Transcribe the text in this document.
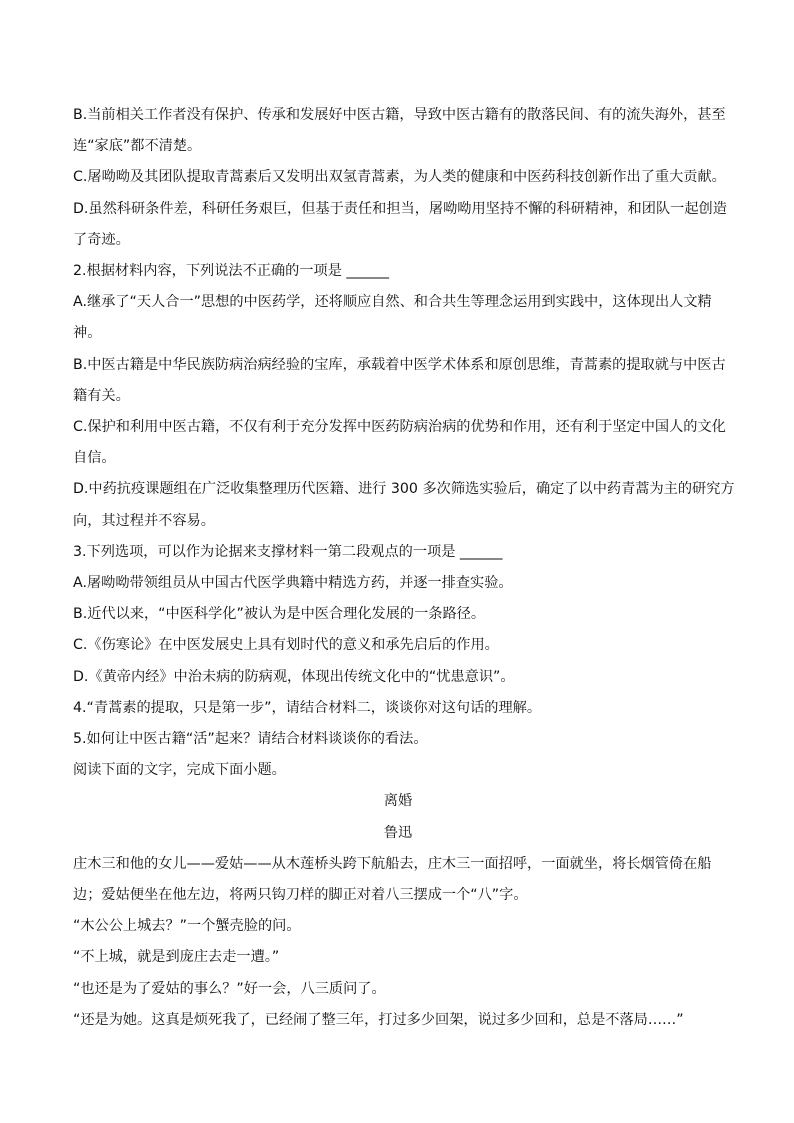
B.当前相关工作者没有保护、传承和发展好中医古籍，导致中医古籍有的散落民间、有的流失海外，甚至

连“家底”都不清楚。

C.屠呦呦及其团队提取青蒿素后又发明出双氢青蒿素，为人类的健康和中医药科技创新作出了重大贡献。

D.虽然科研条件差，科研任务艰巨，但基于责任和担当，屠呦呦用坚持不懈的科研精神，和团队一起创造

了奇迹。

2.根据材料内容，下列说法不正确的一项是 ______

A.继承了“天人合一”思想的中医药学，还将顺应自然、和合共生等理念运用到实践中，这体现出人文精

神。

B.中医古籍是中华民族防病治病经验的宝库，承载着中医学术体系和原创思维，青蒿素的提取就与中医古

籍有关。

C.保护和利用中医古籍，不仅有利于充分发挥中医药防病治病的优势和作用，还有利于坚定中国人的文化

自信。

D.中药抗疫课题组在广泛收集整理历代医籍、进行 300 多次筛选实验后，确定了以中药青蒿为主的研究方

向，其过程并不容易。

3.下列选项，可以作为论据来支撑材料一第二段观点的一项是 ______

A.屠呦呦带领组员从中国古代医学典籍中精选方药，并逐一排查实验。

B.近代以来，“中医科学化”被认为是中医合理化发展的一条路径。

C.《伤寒论》在中医发展史上具有划时代的意义和承先启后的作用。

D.《黄帝内经》中治未病的防病观，体现出传统文化中的“忧患意识”。

4.“青蒿素的提取，只是第一步”，请结合材料二，谈谈你对这句话的理解。

5.如何让中医古籍“活”起来？请结合材料谈谈你的看法。

阅读下面的文字，完成下面小题。

离婚

鲁迅

庄木三和他的女儿——爱姑——从木莲桥头跨下航船去，庄木三一面招呼，一面就坐，将长烟管倚在船

边；爱姑便坐在他左边，将两只钩刀样的脚正对着八三摆成一个“八”字。

“木公公上城去？”一个蟹壳脸的问。

“不上城，就是到庞庄去走一遭。”

“也还是为了爱姑的事么？”好一会，八三质问了。

“还是为她。这真是烦死我了，已经闹了整三年，打过多少回架，说过多少回和，总是不落局……”
